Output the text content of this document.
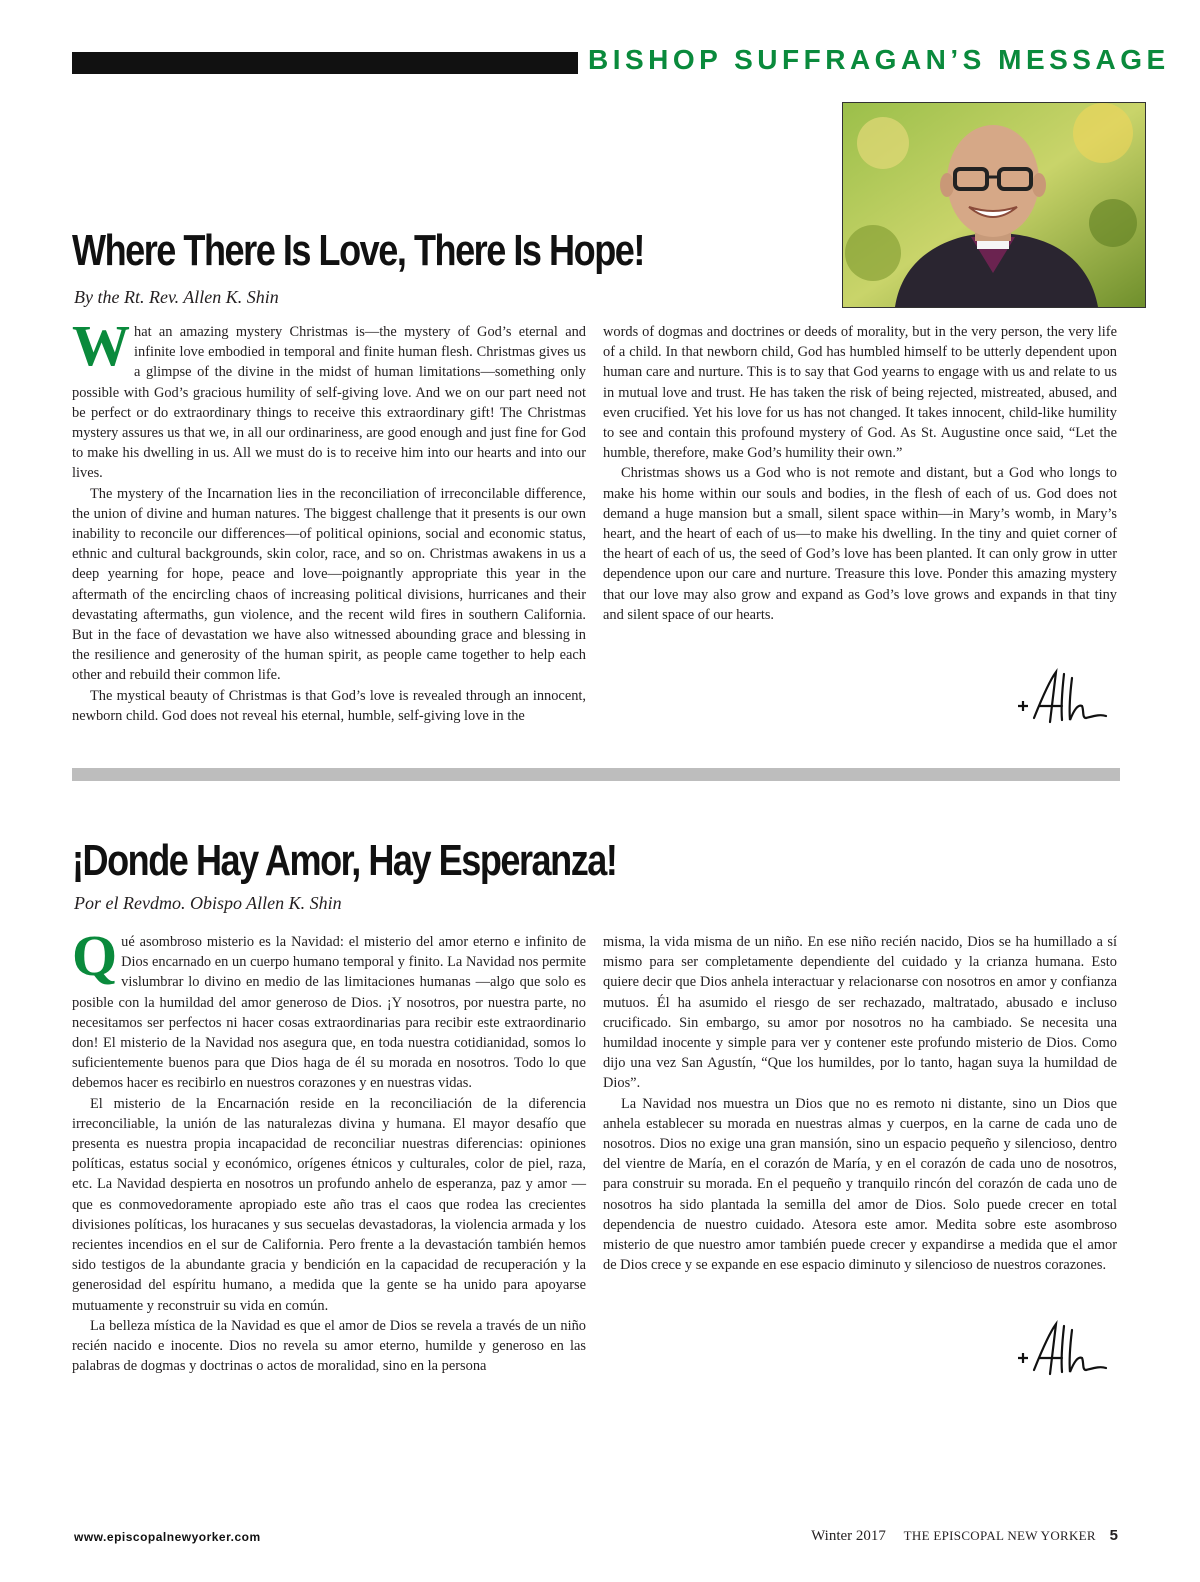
BISHOP SUFFRAGAN’S MESSAGE
Where There Is Love, There Is Hope!

By the Rt. Rev. Allen K. Shin

What an amazing mystery Christmas is—the mystery of God’s eternal and infinite love embodied in temporal and finite human flesh. Christmas gives us a glimpse of the divine in the midst of human limitations—something only possible with God’s gracious humility of self-giving love. And we on our part need not be perfect or do extraordinary things to receive this extraordinary gift! The Christmas mystery assures us that we, in all our ordinariness, are good enough and just fine for God to make his dwelling in us. All we must do is to receive him into our hearts and into our lives.

The mystery of the Incarnation lies in the reconciliation of irreconcilable difference, the union of divine and human natures. The biggest challenge that it presents is our own inability to reconcile our differences—of political opinions, social and economic status, ethnic and cultural backgrounds, skin color, race, and so on. Christmas awakens in us a deep yearning for hope, peace and love—poignantly appropriate this year in the aftermath of the encircling chaos of increasing political divisions, hurricanes and their devastating aftermaths, gun violence, and the recent wild fires in southern California. But in the face of devastation we have also witnessed abounding grace and blessing in the resilience and generosity of the human spirit, as people came together to help each other and rebuild their common life.

The mystical beauty of Christmas is that God’s love is revealed through an innocent, newborn child. God does not reveal his eternal, humble, self-giving love in the

words of dogmas and doctrines or deeds of morality, but in the very person, the very life of a child. In that newborn child, God has humbled himself to be utterly dependent upon human care and nurture. This is to say that God yearns to engage with us and relate to us in mutual love and trust. He has taken the risk of being rejected, mistreated, abused, and even crucified. Yet his love for us has not changed. It takes innocent, child-like humility to see and contain this profound mystery of God. As St. Augustine once said, “Let the humble, therefore, make God’s humility their own.”

Christmas shows us a God who is not remote and distant, but a God who longs to make his home within our souls and bodies, in the flesh of each of us. God does not demand a huge mansion but a small, silent space within—in Mary’s womb, in Mary’s heart, and the heart of each of us—to make his dwelling. In the tiny and quiet corner of the heart of each of us, the seed of God’s love has been planted. It can only grow in utter dependence upon our care and nurture. Treasure this love. Ponder this amazing mystery that our love may also grow and expand as God’s love grows and expands in that tiny and silent space of our hearts.

¡Donde Hay Amor, Hay Esperanza!

Por el Revdmo. Obispo Allen K. Shin

Qué asombroso misterio es la Navidad: el misterio del amor eterno e infinito de Dios encarnado en un cuerpo humano temporal y finito. La Navidad nos permite vislumbrar lo divino en medio de las limitaciones humanas —algo que solo es posible con la humildad del amor generoso de Dios. ¡Y nosotros, por nuestra parte, no necesitamos ser perfectos ni hacer cosas extraordinarias para recibir este extraordinario don! El misterio de la Navidad nos asegura que, en toda nuestra cotidianidad, somos lo suficientemente buenos para que Dios haga de él su morada en nosotros. Todo lo que debemos hacer es recibirlo en nuestros corazones y en nuestras vidas.

El misterio de la Encarnación reside en la reconciliación de la diferencia irreconciliable, la unión de las naturalezas divina y humana. El mayor desafío que presenta es nuestra propia incapacidad de reconciliar nuestras diferencias: opiniones políticas, estatus social y económico, orígenes étnicos y culturales, color de piel, raza, etc. La Navidad despierta en nosotros un profundo anhelo de esperanza, paz y amor —que es conmovedoramente apropiado este año tras el caos que rodea las crecientes divisiones políticas, los huracanes y sus secuelas devastadoras, la violencia armada y los recientes incendios en el sur de California. Pero frente a la devastación también hemos sido testigos de la abundante gracia y bendición en la capacidad de recuperación y la generosidad del espíritu humano, a medida que la gente se ha unido para apoyarse mutuamente y reconstruir su vida en común.

La belleza mística de la Navidad es que el amor de Dios se revela a través de un niño recién nacido e inocente. Dios no revela su amor eterno, humilde y generoso en las palabras de dogmas y doctrinas o actos de moralidad, sino en la persona

misma, la vida misma de un niño. En ese niño recién nacido, Dios se ha humillado a sí mismo para ser completamente dependiente del cuidado y la crianza humana. Esto quiere decir que Dios anhela interactuar y relacionarse con nosotros en amor y confianza mutuos. Él ha asumido el riesgo de ser rechazado, maltratado, abusado e incluso crucificado. Sin embargo, su amor por nosotros no ha cambiado. Se necesita una humildad inocente y simple para ver y contener este profundo misterio de Dios. Como dijo una vez San Agustín, “Que los humildes, por lo tanto, hagan suya la humildad de Dios”.

La Navidad nos muestra un Dios que no es remoto ni distante, sino un Dios que anhela establecer su morada en nuestras almas y cuerpos, en la carne de cada uno de nosotros. Dios no exige una gran mansión, sino un espacio pequeño y silencioso, dentro del vientre de María, en el corazón de María, y en el corazón de cada uno de nosotros, para construir su morada. En el pequeño y tranquilo rincón del corazón de cada uno de nosotros ha sido plantada la semilla del amor de Dios. Solo puede crecer en total dependencia de nuestro cuidado. Atesora este amor. Medita sobre este asombroso misterio de que nuestro amor también puede crecer y expandirse a medida que el amor de Dios crece y se expande en ese espacio diminuto y silencioso de nuestros corazones.

www.episcopalnewyorker.com	Winter 2017 THE EPISCOPAL NEW YORKER 5
